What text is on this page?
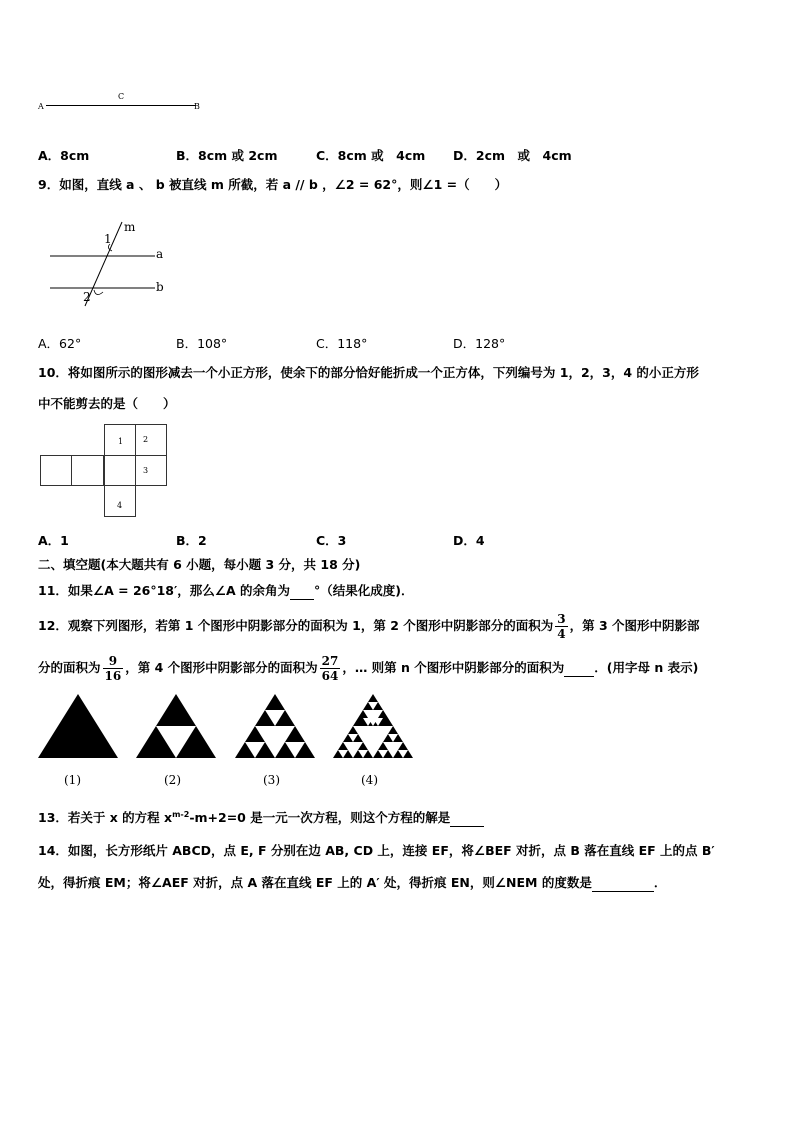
A
C
B
A．8cm	B．8cm 或 2cm	C．8cm 或　4cm D．2cm　或　4cm
9．如图，直线 a 、 b 被直线 m 所截，若 a // b ，∠2 = 62°，则∠1 =（　　）
1
m
a
b
2
A．62°	B．108°	C．118°	D．128°
10．将如图所示的图形减去一个小正方形，使余下的部分恰好能折成一个正方体，下列编号为 1，2，3，4 的小正方形
中不能剪去的是（　　）
1 2
3
4
A．1	B．2	C．3	D．4
二、填空题(本大题共有 6 小题，每小题 3 分，共 18 分)
11．如果∠A = 26°18′，那么∠A 的余角为 °（结果化成度)．
12．观察下列图形，若第 1 个图形中阴影部分的面积为 1，第 2 个图形中阴影部分的面积为 $\frac{3}{4}$ ，第 3 个图形中阴影部
分的面积为 $\frac{9}{16}$ ，第 4 个图形中阴影部分的面积为 $\frac{27}{64}$ ，… 则第 n 个图形中阴影部分的面积为
．(用字母 n 表示)
(1)	(2)	(3)	(4)
13．若关于 x 的方程 $x^{m-2}-m+2=0$ 是一元一次方程，则这个方程的解是
14．如图，长方形纸片 ABCD，点 E, F 分别在边 AB, CD 上，连接 EF，将∠BEF 对折，点 B 落在直线 EF 上的点 B′
处，得折痕 EM；将∠AEF 对折，点 A 落在直线 EF 上的 A′ 处，得折痕 EN，则∠NEM 的度数是	．
